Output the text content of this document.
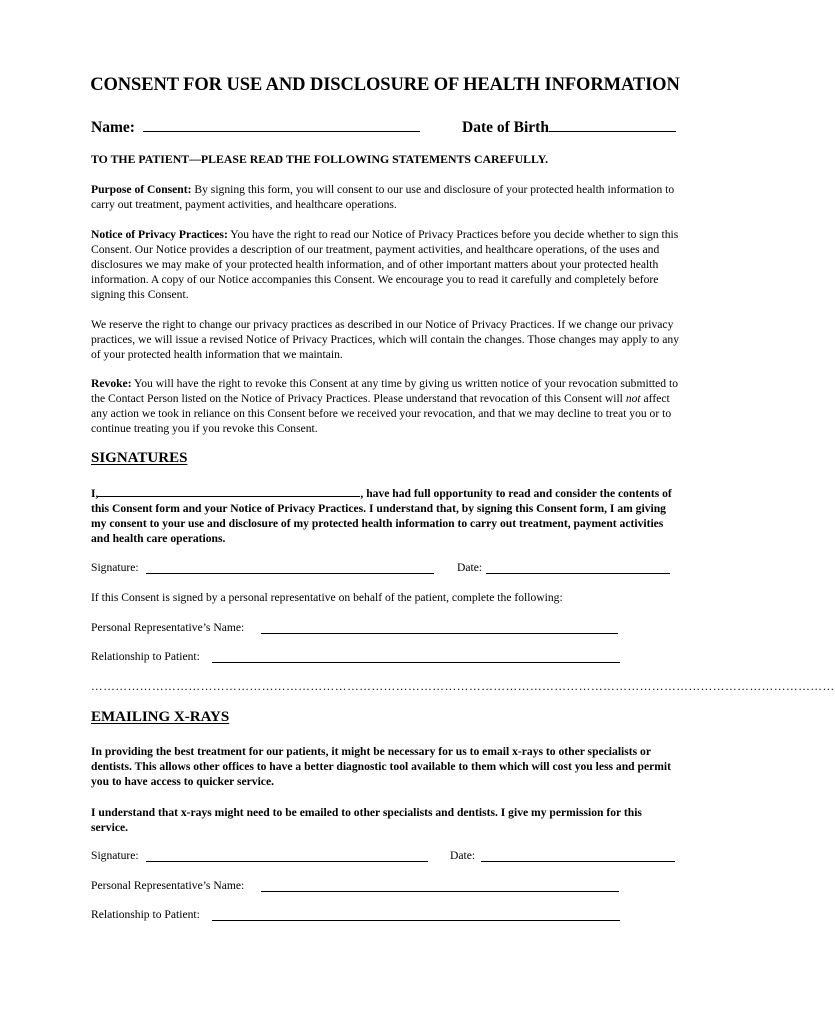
CONSENT FOR USE AND DISCLOSURE OF HEALTH INFORMATION
Name:	Date of Birth
TO THE PATIENT—PLEASE READ THE FOLLOWING STATEMENTS CAREFULLY.

Purpose of Consent: By signing this form, you will consent to our use and disclosure of your protected health information to carry out treatment, payment activities, and healthcare operations.

Notice of Privacy Practices: You have the right to read our Notice of Privacy Practices before you decide whether to sign this Consent. Our Notice provides a description of our treatment, payment activities, and healthcare operations, of the uses and disclosures we may make of your protected health information, and of other important matters about your protected health information. A copy of our Notice accompanies this Consent. We encourage you to read it carefully and completely before signing this Consent.

We reserve the right to change our privacy practices as described in our Notice of Privacy Practices. If we change our privacy practices, we will issue a revised Notice of Privacy Practices, which will contain the changes. Those changes may apply to any of your protected health information that we maintain.

Revoke: You will have the right to revoke this Consent at any time by giving us written notice of your revocation submitted to the Contact Person listed on the Notice of Privacy Practices. Please understand that revocation of this Consent will not affect any action we took in reliance on this Consent before we received your revocation, and that we may decline to treat you or to continue treating you if you revoke this Consent.

SIGNATURES

I,	, have had full opportunity to read and consider the contents of this Consent form and your Notice of Privacy Practices. I understand that, by signing this Consent form, I am giving my consent to your use and disclosure of my protected health information to carry out treatment, payment activities and health care operations.

Signature:	Date:
If this Consent is signed by a personal representative on behalf of the patient, complete the following:
Personal Representative’s Name:
Relationship to Patient:
…………………………………………………………………………………………………………………………………………………………………
EMAILING X-RAYS

In providing the best treatment for our patients, it might be necessary for us to email x-rays to other specialists or dentists. This allows other offices to have a better diagnostic tool available to them which will cost you less and permit you to have access to quicker service.

I understand that x-rays might need to be emailed to other specialists and dentists. I give my permission for this service.

Signature:	Date:
Personal Representative’s Name:
Relationship to Patient:
